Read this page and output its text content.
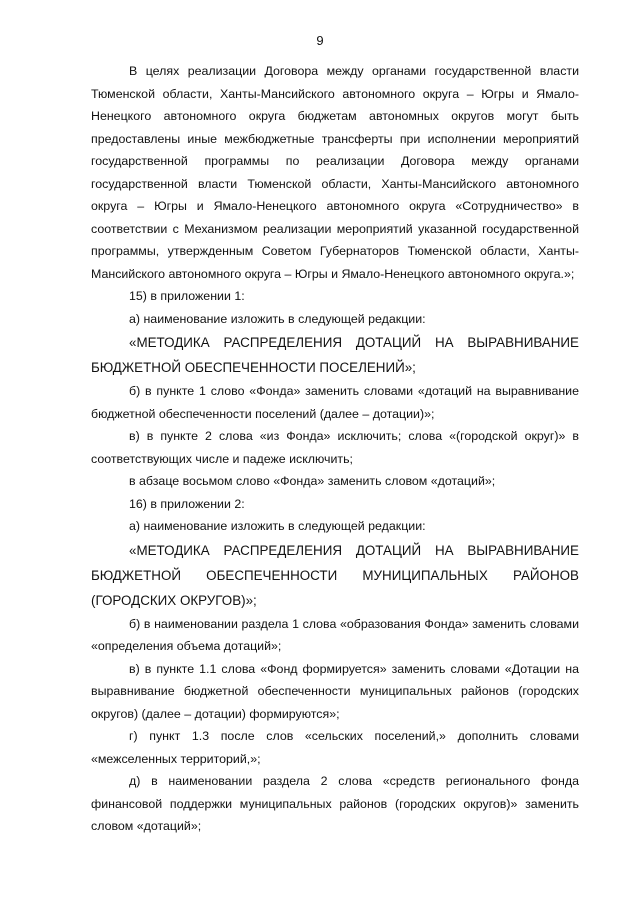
9

В целях реализации Договора между органами государственной власти Тюменской области, Ханты-Мансийского автономного округа – Югры и Ямало-Ненецкого автономного округа бюджетам автономных округов могут быть предоставлены иные межбюджетные трансферты при исполнении мероприятий государственной программы по реализации Договора между органами государственной власти Тюменской области, Ханты-Мансийского автономного округа – Югры и Ямало-Ненецкого автономного округа «Сотрудничество» в соответствии с Механизмом реализации мероприятий указанной государственной программы, утвержденным Советом Губернаторов Тюменской области, Ханты-Мансийского автономного округа – Югры и Ямало-Ненецкого автономного округа.»;

15) в приложении 1:

а) наименование изложить в следующей редакции:

«МЕТОДИКА РАСПРЕДЕЛЕНИЯ ДОТАЦИЙ НА ВЫРАВНИВАНИЕ БЮДЖЕТНОЙ ОБЕСПЕЧЕННОСТИ ПОСЕЛЕНИЙ»;

б) в пункте 1 слово «Фонда» заменить словами «дотаций на выравнивание бюджетной обеспеченности поселений (далее – дотации)»;

в) в пункте 2 слова «из Фонда» исключить; слова «(городской округ)» в соответствующих числе и падеже исключить;

в абзаце восьмом слово «Фонда» заменить словом «дотаций»;

16) в приложении 2:

а) наименование изложить в следующей редакции:

«МЕТОДИКА РАСПРЕДЕЛЕНИЯ ДОТАЦИЙ НА ВЫРАВНИВАНИЕ БЮДЖЕТНОЙ ОБЕСПЕЧЕННОСТИ МУНИЦИПАЛЬНЫХ РАЙОНОВ (ГОРОДСКИХ ОКРУГОВ)»;

б) в наименовании раздела 1 слова «образования Фонда» заменить словами «определения объема дотаций»;

в) в пункте 1.1 слова «Фонд формируется» заменить словами «Дотации на выравнивание бюджетной обеспеченности муниципальных районов (городских округов) (далее – дотации) формируются»;

г) пункт 1.3 после слов «сельских поселений,» дополнить словами «межселенных территорий,»;

д) в наименовании раздела 2 слова «средств регионального фонда финансовой поддержки муниципальных районов (городских округов)» заменить словом «дотаций»;
